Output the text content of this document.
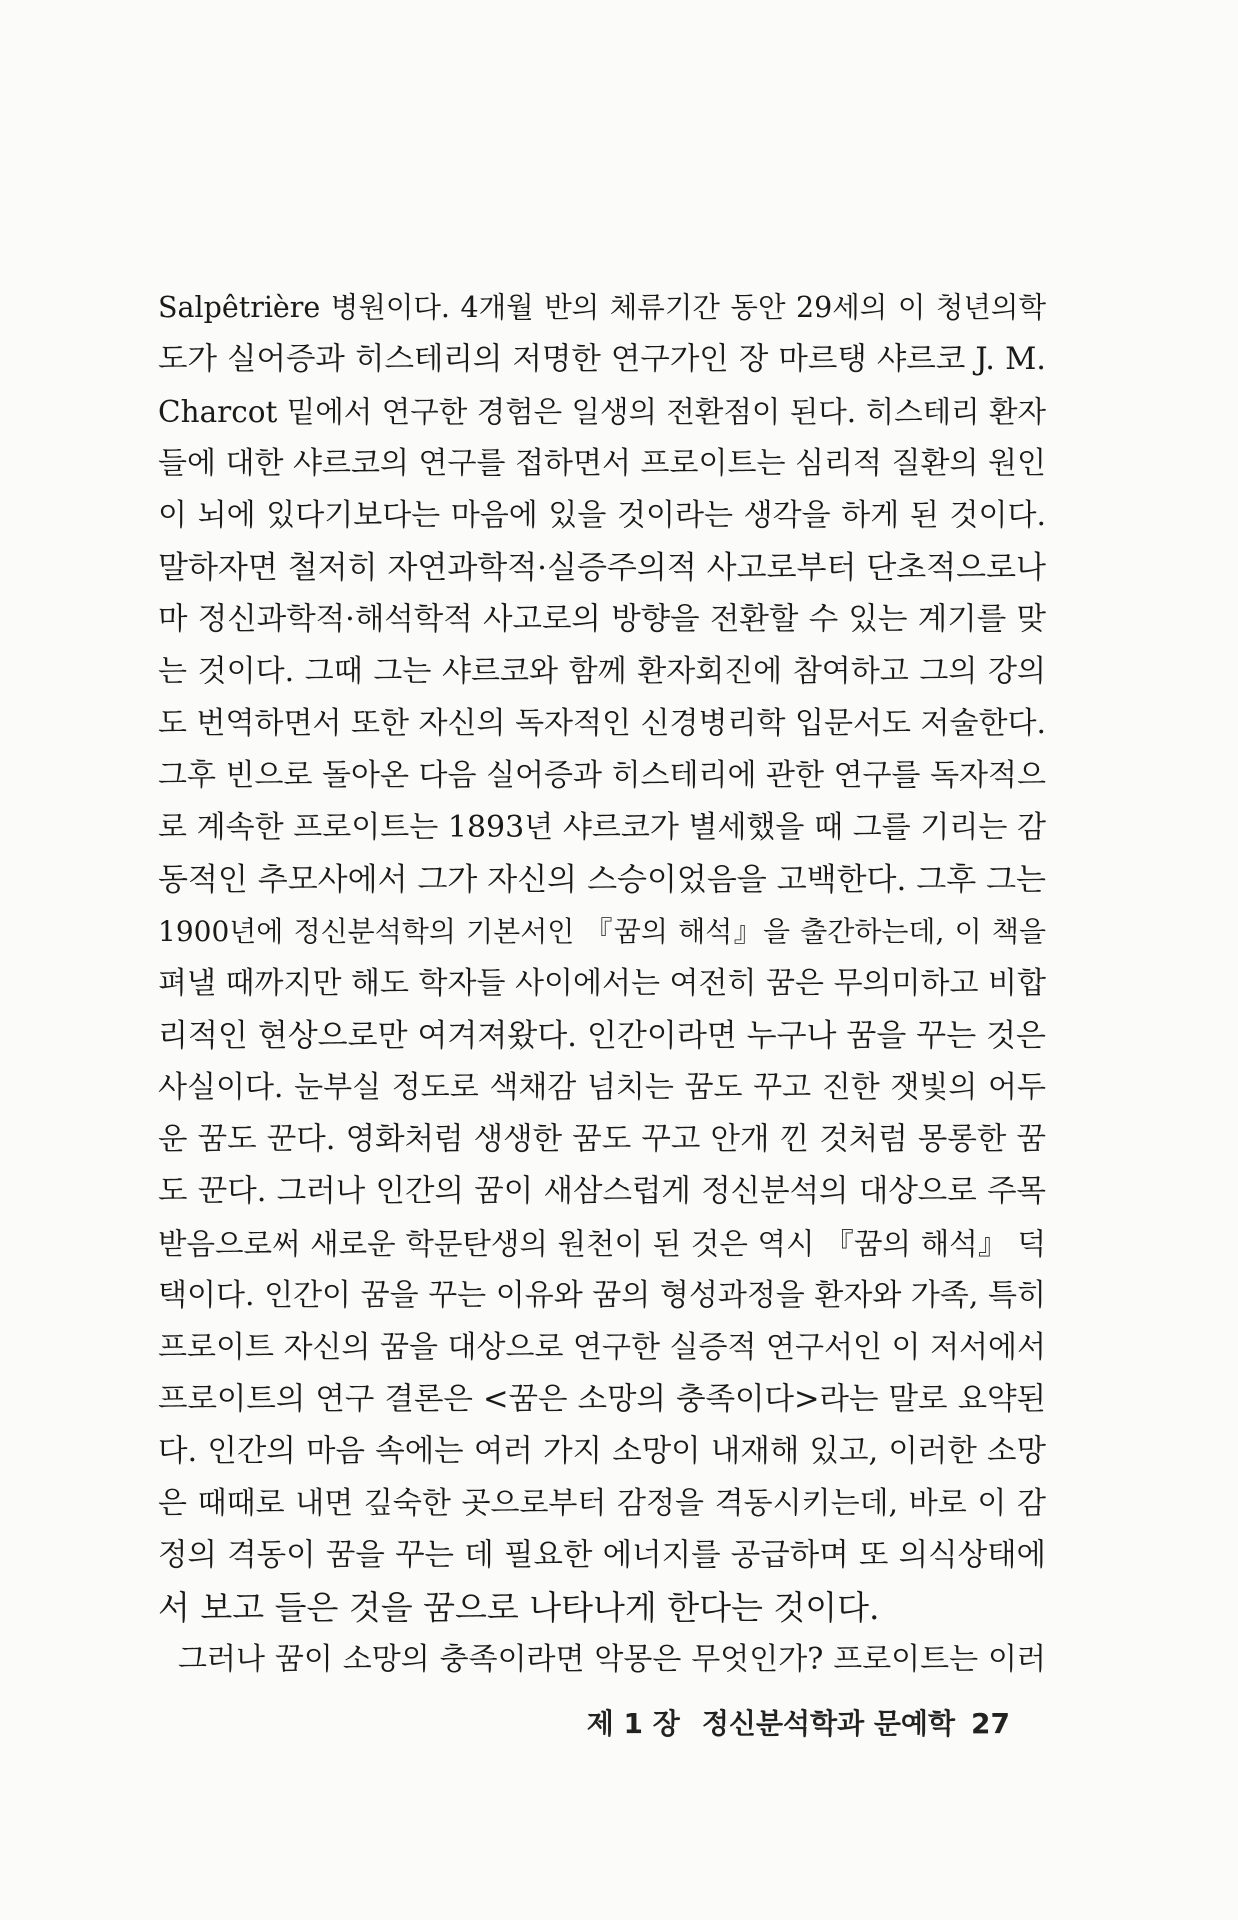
Salpêtrière 병원이다. 4개월 반의 체류기간 동안 29세의 이 청년의학
도가 실어증과 히스테리의 저명한 연구가인 장 마르탱 샤르코 J. M.
Charcot 밑에서 연구한 경험은 일생의 전환점이 된다. 히스테리 환자
들에 대한 샤르코의 연구를 접하면서 프로이트는 심리적 질환의 원인
이 뇌에 있다기보다는 마음에 있을 것이라는 생각을 하게 된 것이다.
말하자면 철저히 자연과학적·실증주의적 사고로부터 단초적으로나
마 정신과학적·해석학적 사고로의 방향을 전환할 수 있는 계기를 맞
는 것이다. 그때 그는 샤르코와 함께 환자회진에 참여하고 그의 강의
도 번역하면서 또한 자신의 독자적인 신경병리학 입문서도 저술한다.
그후 빈으로 돌아온 다음 실어증과 히스테리에 관한 연구를 독자적으
로 계속한 프로이트는 1893년 샤르코가 별세했을 때 그를 기리는 감
동적인 추모사에서 그가 자신의 스승이었음을 고백한다. 그후 그는
1900년에 정신분석학의 기본서인 『꿈의 해석』을 출간하는데, 이 책을
펴낼 때까지만 해도 학자들 사이에서는 여전히 꿈은 무의미하고 비합
리적인 현상으로만 여겨져왔다. 인간이라면 누구나 꿈을 꾸는 것은
사실이다. 눈부실 정도로 색채감 넘치는 꿈도 꾸고 진한 잿빛의 어두
운 꿈도 꾼다. 영화처럼 생생한 꿈도 꾸고 안개 낀 것처럼 몽롱한 꿈
도 꾼다. 그러나 인간의 꿈이 새삼스럽게 정신분석의 대상으로 주목
받음으로써 새로운 학문탄생의 원천이 된 것은 역시 『꿈의 해석』 덕
택이다. 인간이 꿈을 꾸는 이유와 꿈의 형성과정을 환자와 가족, 특히
프로이트 자신의 꿈을 대상으로 연구한 실증적 연구서인 이 저서에서
프로이트의 연구 결론은 <꿈은 소망의 충족이다>라는 말로 요약된
다. 인간의 마음 속에는 여러 가지 소망이 내재해 있고, 이러한 소망
은 때때로 내면 깊숙한 곳으로부터 감정을 격동시키는데, 바로 이 감
정의 격동이 꿈을 꾸는 데 필요한 에너지를 공급하며 또 의식상태에
서 보고 들은 것을 꿈으로 나타나게 한다는 것이다.
그러나 꿈이 소망의 충족이라면 악몽은 무엇인가? 프로이트는 이러
제 1 장 정신분석학과 문예학 27
